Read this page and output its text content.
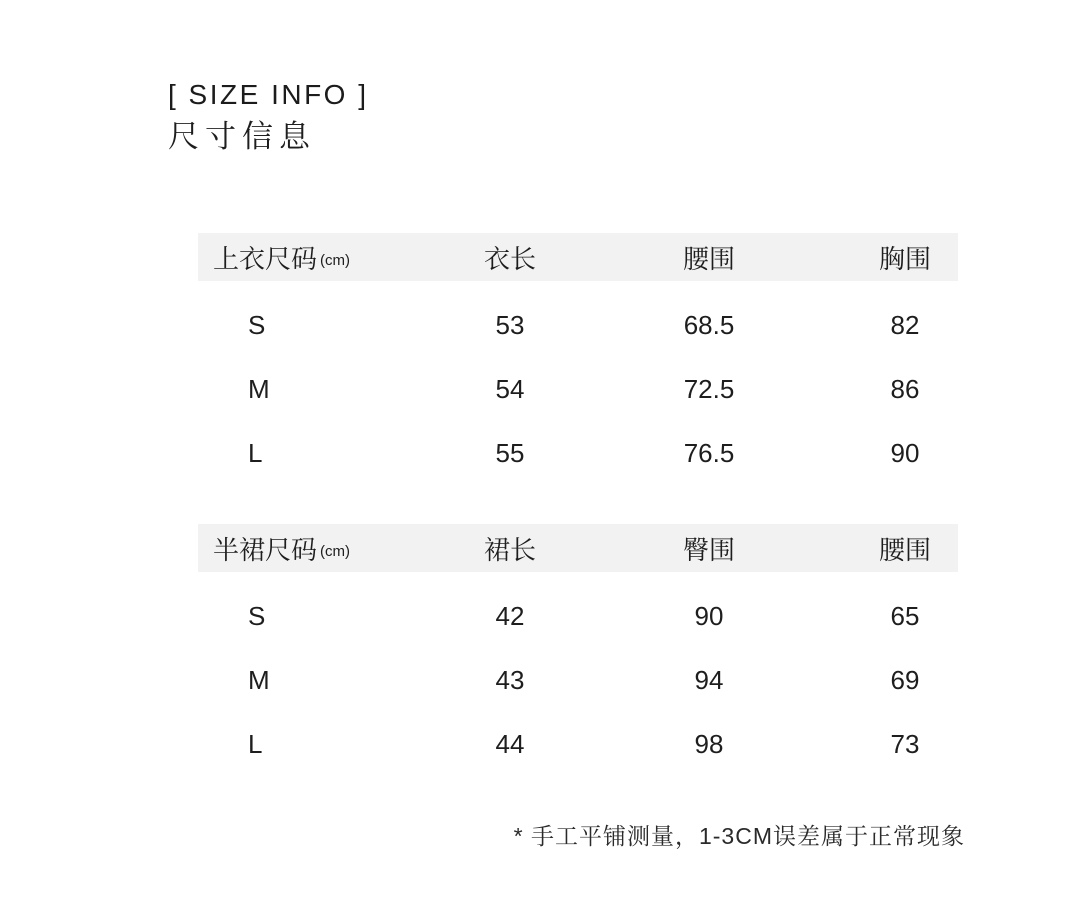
[ SIZE INFO ]
尺寸信息
上衣尺码 (cm)	衣长	腰围	胸围
S	53	68.5	82
M	54	72.5	86
L	55	76.5	90
半裙尺码 (cm)	裙长	臀围	腰围
S	42	90	65
M	43	94	69
L	44	98	73
* 手工平铺测量，1-3CM误差属于正常现象
